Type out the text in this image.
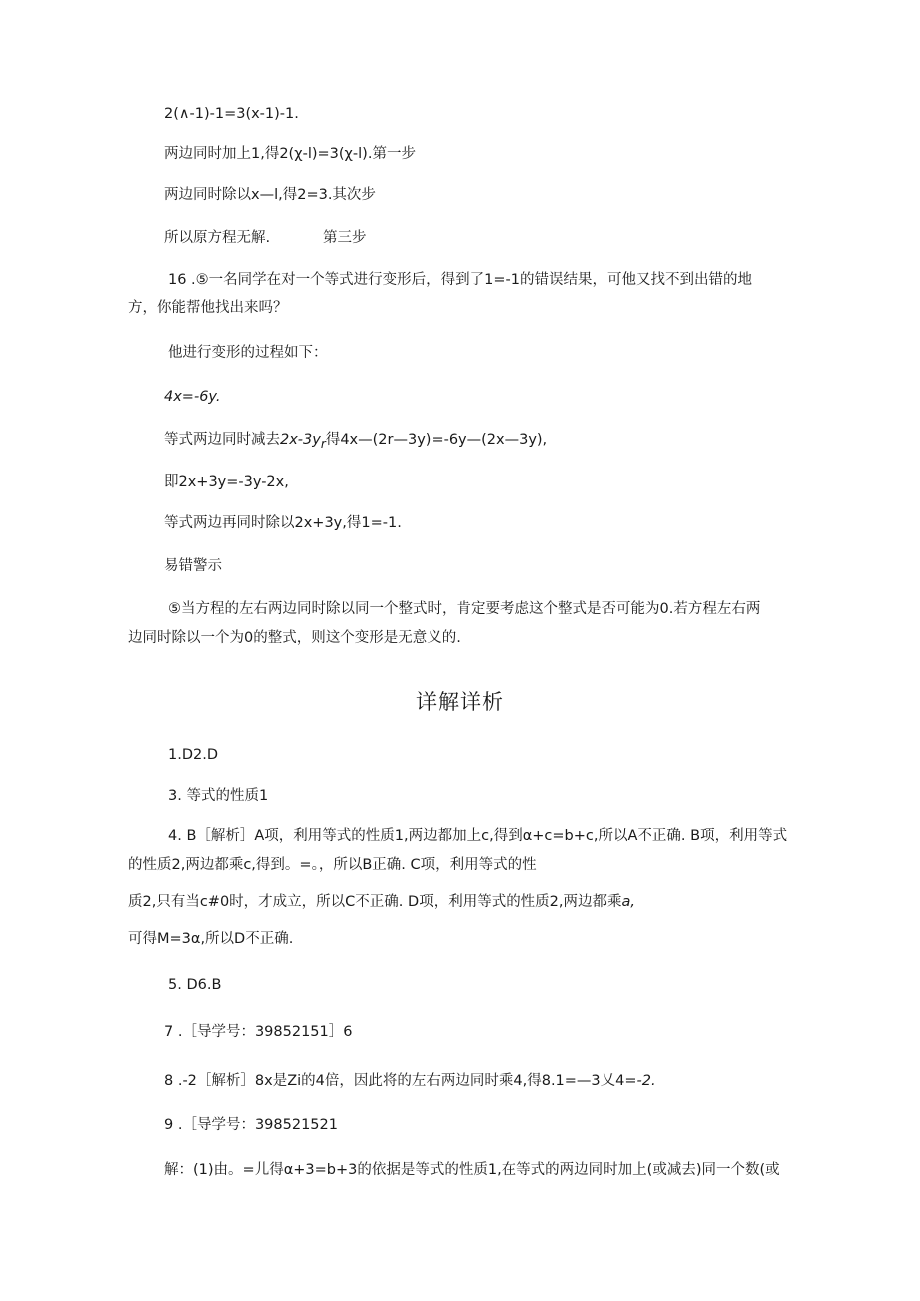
2(∧-1)-1=3(x-1)-1.
两边同时加上1,得2(χ-l)=3(χ-l).第一步
两边同时除以x—l,得2=3.其次步
所以原方程无解.	第三步
16 .⑤一名同学在对一个等式进行变形后，得到了1=-1的错误结果，可他又找不到出错的地
方，你能帮他找出来吗？
他进行变形的过程如下：
4x=-6y.
等式两边同时减去$2x-3y_r$得4x—(2r—3y)=-6y—(2x—3y),
即2x+3y=-3y-2x,
等式两边再同时除以2x+3y,得1=-1.
易错警示
⑤当方程的左右两边同时除以同一个整式时，肯定要考虑这个整式是否可能为0.若方程左右两
边同时除以一个为0的整式，则这个变形是无意义的.
详解详析
1.D2.D
3. 等式的性质1
4. B［解析］A项，利用等式的性质1,两边都加上c,得到α+c=b+c,所以A不正确. B项，利用等式
的性质2,两边都乘c,得到。=。，所以B正确. C项，利用等式的性
质2,只有当c#0时，才成立，所以C不正确. D项，利用等式的性质2,两边都乘a,
可得M=3α,所以D不正确.
5. D6.B
7 .［导学号：39852151］6
8 .-2［解析］8x是Zi的4倍，因此将的左右两边同时乘4,得8.1=—3乂4=-2.
9 .［导学号：398521521
解：(1)由。=儿得α+3=b+3的依据是等式的性质1,在等式的两边同时加上(或减去)同一个数(或
